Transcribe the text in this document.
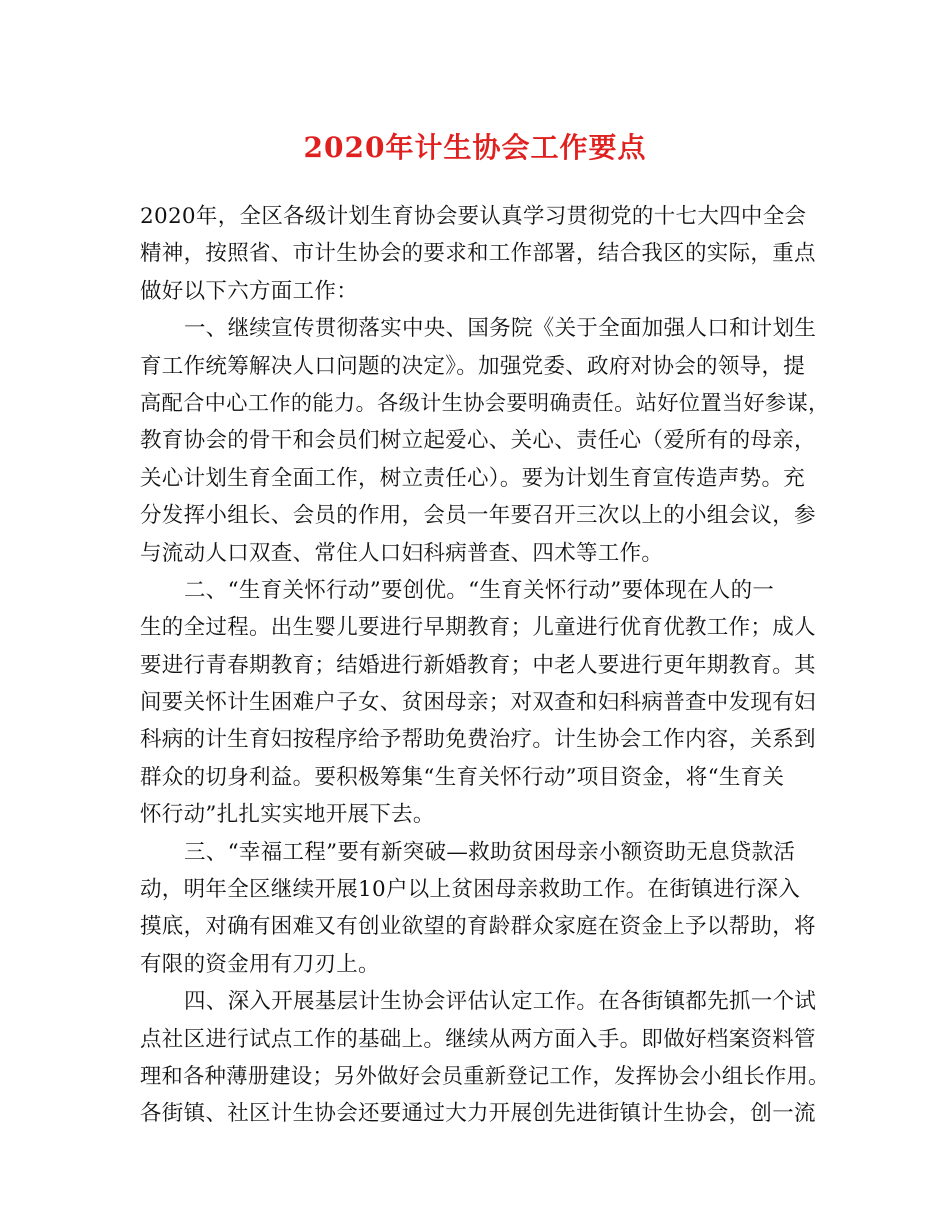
2020年计生协会工作要点
2020年，全区各级计划生育协会要认真学习贯彻党的十七大四中全会
精神，按照省、市计生协会的要求和工作部署，结合我区的实际，重点
做好以下六方面工作：
一、继续宣传贯彻落实中央、国务院《关于全面加强人口和计划生
育工作统筹解决人口问题的决定》。加强党委、政府对协会的领导，提
高配合中心工作的能力。各级计生协会要明确责任。站好位置当好参谋，
教育协会的骨干和会员们树立起爱心、关心、责任心（爱所有的母亲，
关心计划生育全面工作，树立责任心）。要为计划生育宣传造声势。充
分发挥小组长、会员的作用，会员一年要召开三次以上的小组会议，参
与流动人口双查、常住人口妇科病普查、四术等工作。
二、“生育关怀行动”要创优。“生育关怀行动”要体现在人的一
生的全过程。出生婴儿要进行早期教育；儿童进行优育优教工作；成人
要进行青春期教育；结婚进行新婚教育；中老人要进行更年期教育。其
间要关怀计生困难户子女、贫困母亲；对双查和妇科病普查中发现有妇
科病的计生育妇按程序给予帮助免费治疗。计生协会工作内容，关系到
群众的切身利益。要积极筹集“生育关怀行动”项目资金，将“生育关
怀行动”扎扎实实地开展下去。
三、“幸福工程”要有新突破—救助贫困母亲小额资助无息贷款活
动，明年全区继续开展10户以上贫困母亲救助工作。在街镇进行深入
摸底，对确有困难又有创业欲望的育龄群众家庭在资金上予以帮助，将
有限的资金用有刀刃上。
四、深入开展基层计生协会评估认定工作。在各街镇都先抓一个试
点社区进行试点工作的基础上。继续从两方面入手。即做好档案资料管
理和各种薄册建设；另外做好会员重新登记工作，发挥协会小组长作用。
各街镇、社区计生协会还要通过大力开展创先进街镇计生协会，创一流
